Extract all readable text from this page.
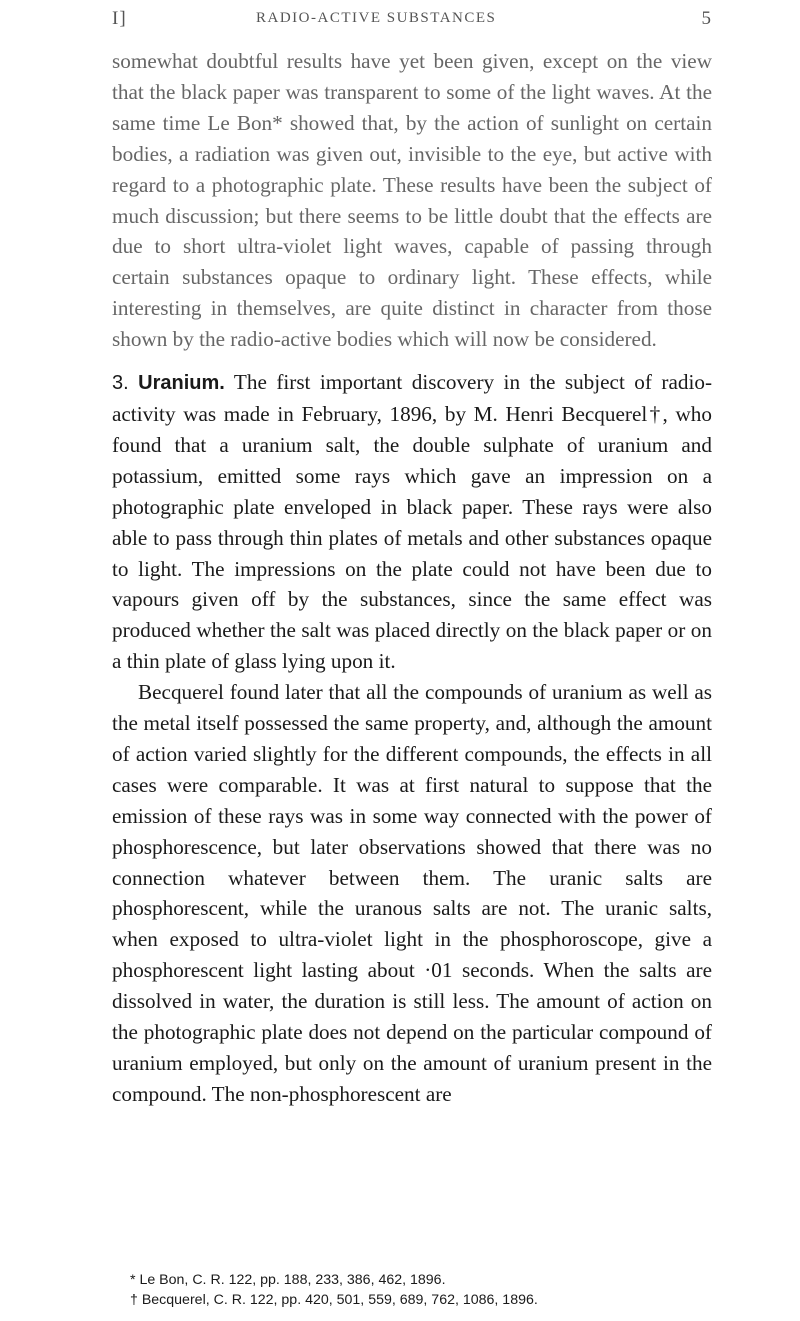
I]	RADIO-ACTIVE SUBSTANCES	5

somewhat doubtful results have yet been given, except on the view that the black paper was transparent to some of the light waves. At the same time Le Bon* showed that, by the action of sunlight on certain bodies, a radiation was given out, invisible to the eye, but active with regard to a photographic plate. These results have been the subject of much discussion; but there seems to be little doubt that the effects are due to short ultra-violet light waves, capable of passing through certain substances opaque to ordinary light. These effects, while interesting in themselves, are quite distinct in character from those shown by the radio-active bodies which will now be considered.

3. Uranium. The first important discovery in the subject of radio-activity was made in February, 1896, by M. Henri Becquerel†, who found that a uranium salt, the double sulphate of uranium and potassium, emitted some rays which gave an impression on a photographic plate enveloped in black paper. These rays were also able to pass through thin plates of metals and other substances opaque to light. The impressions on the plate could not have been due to vapours given off by the substances, since the same effect was produced whether the salt was placed directly on the black paper or on a thin plate of glass lying upon it.

Becquerel found later that all the compounds of uranium as well as the metal itself possessed the same property, and, although the amount of action varied slightly for the different compounds, the effects in all cases were comparable. It was at first natural to suppose that the emission of these rays was in some way connected with the power of phosphorescence, but later observations showed that there was no connection whatever between them. The uranic salts are phosphorescent, while the uranous salts are not. The uranic salts, when exposed to ultra-violet light in the phosphoroscope, give a phosphorescent light lasting about ·01 seconds. When the salts are dissolved in water, the duration is still less. The amount of action on the photographic plate does not depend on the particular compound of uranium employed, but only on the amount of uranium present in the compound. The non-phosphorescent are

* Le Bon, C. R. 122, pp. 188, 233, 386, 462, 1896.
† Becquerel, C. R. 122, pp. 420, 501, 559, 689, 762, 1086, 1896.
